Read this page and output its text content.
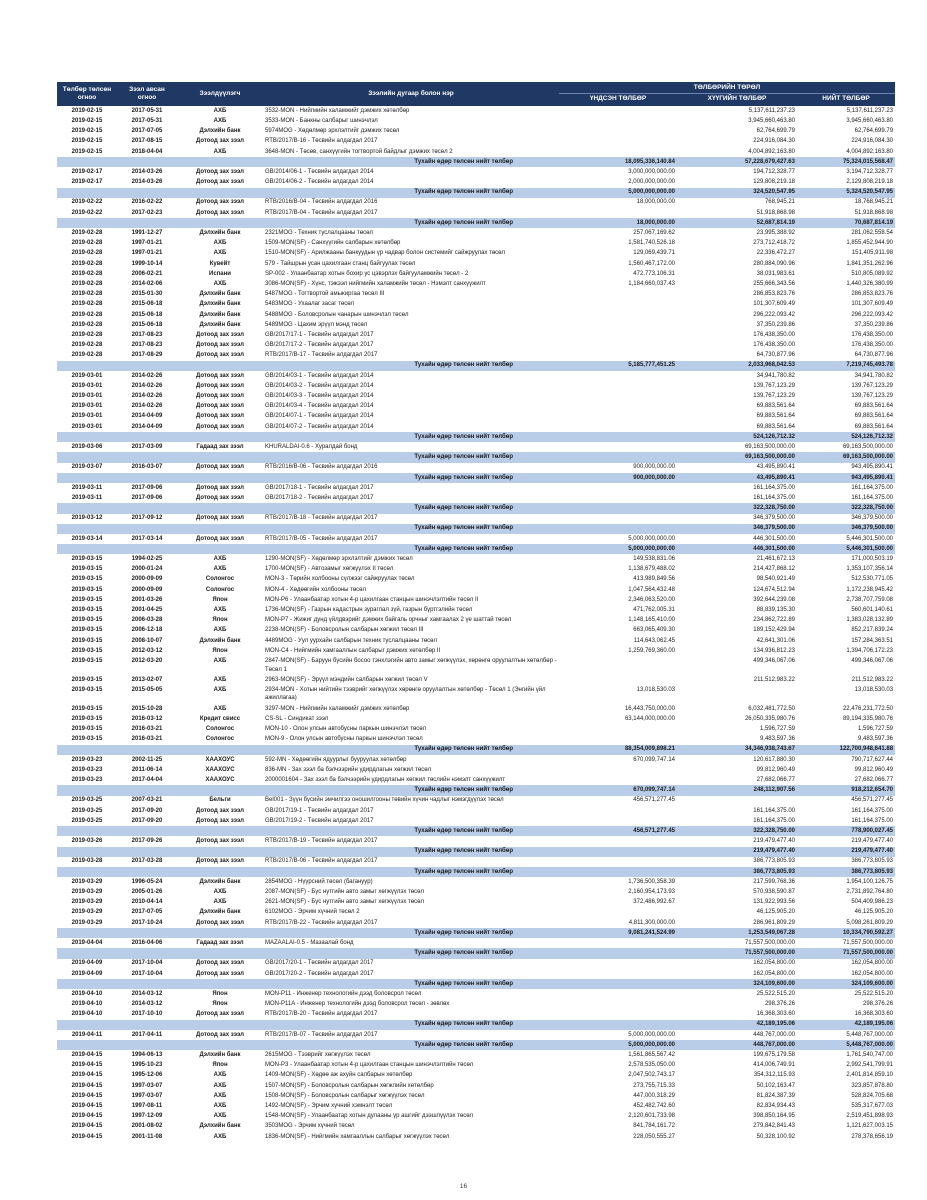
Төлбөр төлсөн огноо	Зээл авсан огноо	Зээлдүүлэгч	Зээлийн дугаар болон нэр	ТӨЛБӨРИЙН ТӨРӨЛ		
				ҮНДСЭН ТӨЛБӨР	ХҮҮГИЙН ТӨЛБӨР	НИЙТ ТӨЛБӨР
2019-02-15	2017-05-31	АХБ	3532-MON - Нийгмийн халамжийг дэмжих хөтөлбөр		5,137,611,237.23	5,137,611,237.23
2019-02-15	2017-05-31	АХБ	3533-MON - Банкны салбарыг шинэчлэл		3,945,660,463.80	3,945,660,463.80
2019-02-15	2017-07-05	Дэлхийн банк	5974MOG - Хөдөлмөр эрхлэлтийг дэмжих төсөл		62,764,699.79	62,764,699.79
2019-02-15	2017-08-15	Дотоод зах зээл	RTB/2017/B-16 - Төсвийн алдагдал 2017		224,916,084.30	224,916,084.30
2019-02-15	2018-04-04	АХБ	3648-MON - Төсөв, санхүүгийн тогтвортой байдлыг дэмжих төсөл 2		4,004,892,163.80	4,004,892,163.80
Тухайн өдөр төлсөн нийт төлбөр				18,095,336,140.84	57,228,679,427.63	75,324,015,568.47
2019-02-17	2014-03-26	Дотоод зах зээл	GB/2014/06-1 - Төсвийн алдагдал 2014	3,000,000,000.00	194,712,328.77	3,194,712,328.77
2019-02-17	2014-03-26	Дотоод зах зээл	GB/2014/06-2 - Төсвийн алдагдал 2014	2,000,000,000.00	129,808,219.18	2,129,808,219.18
Тухайн өдөр төлсөн нийт төлбөр				5,000,000,000.00	324,520,547.95	5,324,520,547.95
2019-02-22	2016-02-22	Дотоод зах зээл	RTB/2016/B-04 - Төсвийн алдагдал 2016	18,000,000.00	768,945.21	18,768,945.21
2019-02-22	2017-02-23	Дотоод зах зээл	RTB/2017/B-04 - Төсвийн алдагдал 2017		51,918,868.98	51,918,868.98
Тухайн өдөр төлсөн нийт төлбөр				18,000,000.00	52,687,814.19	70,687,814.19
2019-02-28	1991-12-27	Дэлхийн банк	2321MOG - Техник туслалцааны төсөл	257,067,169.62	23,995,388.92	281,062,558.54
2019-02-28	1997-01-21	АХБ	1509-MON(SF) - Санхүүгийн салбарын хөтөлбөр	1,581,740,526.18	273,712,418.72	1,855,452,944.90
2019-02-28	1997-01-21	АХБ	1510-MON(SF) - Арилжааны банкуудын үр чадвар болон системийг сайжруулах төсөл	129,069,439.71	22,336,472.27	151,405,911.98
2019-02-28	1999-10-14	Кувейт	579 - Тайшрын усан цахилгаан станц байгуулах төсөл	1,560,467,172.00	280,884,090.96	1,841,351,262.96
2019-02-28	2006-02-21	Испани	SP-002 - Улаанбаатар хотын бохир ус цэвэрлэх байгууламжийн төсөл - 2	472,773,106.31	38,031,983.61	510,805,089.92
2019-02-28	2014-02-06	АХБ	3086-MON(SF) - Хүнс, тэжээл нийгмийн халамжийн төсөл - Нэмэлт санхүүжилт	1,184,660,037.43	255,666,343.56	1,440,326,380.99
2019-02-28	2015-01-30	Дэлхийн банк	5487MOG - Тогтвортой амьжиргаа төсөл III		286,853,823.76	286,853,823.76
2019-02-28	2015-06-18	Дэлхийн банк	5483MOG - Ухаалаг засаг төсөл		101,307,609.49	101,307,609.49
2019-02-28	2015-06-18	Дэлхийн банк	5488MOG - Боловсролын чанарын шинэчлэл төсөл		296,222,093.42	296,222,093.42
2019-02-28	2015-06-18	Дэлхийн банк	5489MOG - Цахим эрүүл мэнд төсөл		37,350,239.86	37,350,239.86
2019-02-28	2017-08-23	Дотоод зах зээл	GB/2017/17-1 - Төсвийн алдагдал 2017		176,438,350.00	176,438,350.00
2019-02-28	2017-08-23	Дотоод зах зээл	GB/2017/17-2 - Төсвийн алдагдал 2017		176,438,350.00	176,438,350.00
2019-02-28	2017-08-29	Дотоод зах зээл	RTB/2017/B-17 - Төсвийн алдагдал 2017		64,730,877.96	64,730,877.96
Тухайн өдөр төлсөн нийт төлбөр				5,185,777,451.25	2,033,968,042.53	7,219,745,493.78
2019-03-01	2014-02-26	Дотоод зах зээл	GB/2014/03-1 - Төсвийн алдагдал 2014		34,941,780.82	34,941,780.82
2019-03-01	2014-02-26	Дотоод зах зээл	GB/2014/03-2 - Төсвийн алдагдал 2014		139,767,123.29	139,767,123.29
2019-03-01	2014-02-26	Дотоод зах зээл	GB/2014/03-3 - Төсвийн алдагдал 2014		139,767,123.29	139,767,123.29
2019-03-01	2014-02-26	Дотоод зах зээл	GB/2014/03-4 - Төсвийн алдагдал 2014		69,883,561.64	69,883,561.64
2019-03-01	2014-04-09	Дотоод зах зээл	GB/2014/07-1 - Төсвийн алдагдал 2014		69,883,561.64	69,883,561.64
2019-03-01	2014-04-09	Дотоод зах зээл	GB/2014/07-2 - Төсвийн алдагдал 2014		69,883,561.64	69,883,561.64
Тухайн өдөр төлсөн нийт төлбөр					524,126,712.32	524,126,712.32
2019-03-06	2017-03-09	Гадаад зах зээл	KHURALDAI-0.6 - Хуралдай бонд		69,163,500,000.00	69,163,500,000.00
Тухайн өдөр төлсөн нийт төлбөр					69,163,500,000.00	69,163,500,000.00
2019-03-07	2016-03-07	Дотоод зах зээл	RTB/2016/B-06 - Төсвийн алдагдал 2016	900,000,000.00	43,495,890.41	943,495,890.41
Тухайн өдөр төлсөн нийт төлбөр				900,000,000.00	43,495,890.41	943,495,890.41
2019-03-11	2017-09-06	Дотоод зах зээл	GB/2017/18-1 - Төсвийн алдагдал 2017		161,164,375.00	161,164,375.00
2019-03-11	2017-09-06	Дотоод зах зээл	GB/2017/18-2 - Төсвийн алдагдал 2017		161,164,375.00	161,164,375.00
Тухайн өдөр төлсөн нийт төлбөр					322,328,750.00	322,328,750.00
2019-03-12	2017-09-12	Дотоод зах зээл	RTB/2017/B-18 - Төсвийн алдагдал 2017		346,379,500.00	346,379,500.00
Тухайн өдөр төлсөн нийт төлбөр					346,379,500.00	346,379,500.00
2019-03-14	2017-03-14	Дотоод зах зээл	RTB/2017/B-05 - Төсвийн алдагдал 2017	5,000,000,000.00	446,301,500.00	5,446,301,500.00
Тухайн өдөр төлсөн нийт төлбөр				5,000,000,000.00	446,301,500.00	5,446,301,500.00
2019-03-15	1994-02-25	АХБ	1290-MON(SF) - Хөдөлмөр эрхлэлтийг дэмжих төсөл	149,538,831.06	21,461,672.13	171,000,503.19
2019-03-15	2000-01-24	АХБ	1700-MON(SF) - Автозамыг хөгжүүлэх II төсөл	1,138,679,488.02	214,427,868.12	1,353,107,356.14
2019-03-15	2000-09-09	Солонгос	MON-3 - Төрийн холбооны сүлжээг сайжруулах төсөл	413,989,849.56	98,540,921.49	512,530,771.05
2019-03-15	2000-09-09	Солонгос	MON-4 - Хөдөөгийн холбооны төсөл	1,047,564,432.48	124,674,512.94	1,172,238,945.42
2019-03-15	2001-03-26	Япон	MON-P6 - Улаанбаатар хотын 4-р цахилгаан станцын шинэчлэлтийн төсөл II	2,346,063,520.00	392,644,239.08	2,738,707,759.08
2019-03-15	2001-04-25	АХБ	1736-MON(SF) - Газрын кадастрын зураглал зүй, газрын бүртгэлийн төсөл	471,762,005.31	88,839,135.30	560,601,140.61
2019-03-15	2006-03-28	Япон	MON-P7 - Жижиг дунд үйлдвэрийг дэмжих байгаль орчныг хамгаалах 2 үе шаттай төсөл	1,148,165,410.00	234,862,722.89	1,383,028,132.89
2019-03-15	2006-12-18	АХБ	2238-MON(SF) - Боловсролын салбарын хөгжил төсөл III	663,065,409.30	189,152,429.94	852,217,839.24
2019-03-15	2008-10-07	Дэлхийн банк	4489MOG - Уул уурхайн салбарын техник туслалцааны төсөл	114,643,062.45	42,641,301.06	157,284,363.51
2019-03-15	2012-03-12	Япон	MON-C4 - Нийгмийн хамгааллын салбарыг дэмжих хөтөлбөр II	1,259,769,360.00	134,936,812.23	1,394,706,172.23
2019-03-15	2012-03-20	АХБ	2847-MON(SF) - Баруун бүсийн босоо тэнхлэгийн авто замыг хөгжүүлэх, хөрөнгө оруулалтын хөтөлбөр - Төсөл 1		499,346,067.06	499,346,067.06
2019-03-15	2013-02-07	АХБ	2963-MON(SF) - Эрүүл мэндийн салбарын хөгжил төсөл V		211,512,983.22	211,512,983.22
2019-03-15	2015-05-05	АХБ	2934-MON - Хотын нийтийн тээврийг хөгжүүлэх хөрөнгө оруулалтын хөтөлбөр - Төсөл 1 (Энгийн үйл ажиллагаа)	13,018,530.03		13,018,530.03
2019-03-15	2015-10-28	АХБ	3297-MON - Нийгмийн халамжийг дэмжих хөтөлбөр	16,443,750,000.00	6,032,481,772.50	22,476,231,772.50
2019-03-15	2016-03-12	Кредит свисс	CS-SL - Синдикат зээл	63,144,000,000.00	26,050,335,980.76	89,194,335,980.76
2019-03-15	2016-03-21	Солонгос	MON-10 - Олон улсын автобусны паркын шинэчлэл төсөл		1,596,727.59	1,596,727.59
2019-03-15	2016-03-21	Солонгос	MON-9 - Олон улсын автобусны паркын шинэчлэл төсөл		9,483,597.36	9,483,597.36
Тухайн өдөр төлсөн нийт төлбөр				88,354,009,898.21	34,346,938,743.67	122,700,948,641.88
2019-03-23	2002-11-25	ХААХОУС	592-MN - Хөдөөгийн ядуурлыг бууруулах хөтөлбөр	670,099,747.14	120,617,880.30	790,717,627.44
2019-03-23	2011-06-14	ХААХОУС	836-MN - Зах зээл ба бэлчээрийн удирдлагын хөгжил төсөл		99,812,960.49	99,812,960.49
2019-03-23	2017-04-04	ХААХОУС	2000001604 - Зах зээл ба бэлчээрийн удирдлагын хөгжил төслийн нэмэлт санхүүжилт		27,682,066.77	27,682,066.77
Тухайн өдөр төлсөн нийт төлбөр				670,099,747.14	248,112,907.56	918,212,654.70
2019-03-25	2007-03-21	Бельги	Bel001 - Зүүн бүсийн эмчилгээ оношилгооны төвийн хүчин чадлыг нэмэгдүүлэх төсөл	456,571,277.45		456,571,277.45
2019-03-25	2017-09-20	Дотоод зах зээл	GB/2017/19-1 - Төсвийн алдагдал 2017		161,164,375.00	161,164,375.00
2019-03-25	2017-09-20	Дотоод зах зээл	GB/2017/19-2 - Төсвийн алдагдал 2017		161,164,375.00	161,164,375.00
Тухайн өдөр төлсөн нийт төлбөр				456,571,277.45	322,328,750.00	778,900,027.45
2019-03-26	2017-09-26	Дотоод зах зээл	RTB/2017/B-19 - Төсвийн алдагдал 2017		219,479,477.40	219,479,477.40
Тухайн өдөр төлсөн нийт төлбөр					219,479,477.40	219,479,477.40
2019-03-28	2017-03-28	Дотоод зах зээл	RTB/2017/B-06 - Төсвийн алдагдал 2017		386,773,805.93	386,773,805.93
Тухайн өдөр төлсөн нийт төлбөр					386,773,805.93	386,773,805.93
2019-03-29	1996-05-24	Дэлхийн банк	2854MOG - Нүүрсний төсөл (багануур)	1,736,500,358.39	217,599,768.36	1,954,100,126.75
2019-03-29	2005-01-26	АХБ	2087-MON(SF) - Бүс нутгийн авто замыг хөгжүүлэх төсөл	2,160,954,173.93	570,938,590.87	2,731,892,764.80
2019-03-29	2010-04-14	АХБ	2621-MON(SF) - Бүс нутгийн авто замыг хөгжүүлэх төсөл	372,486,992.67	131,922,993.56	504,409,986.23
2019-03-29	2017-07-05	Дэлхийн банк	6102MOG - Эрчим хүчний төсөл 2		46,125,905.20	46,125,905.20
2019-03-29	2017-10-24	Дотоод зах зээл	RTB/2017/B-22 - Төсвийн алдагдал 2017	4,811,300,000.00	286,961,809.29	5,098,261,809.29
Тухайн өдөр төлсөн нийт төлбөр				9,081,241,524.99	1,253,549,067.28	10,334,790,592.27
2019-04-04	2016-04-06	Гадаад зах зээл	MAZAALAI-0.5 - Мазаалай бонд		71,557,500,000.00	71,557,500,000.00
Тухайн өдөр төлсөн нийт төлбөр					71,557,500,000.00	71,557,500,000.00
2019-04-09	2017-10-04	Дотоод зах зээл	GB/2017/20-1 - Төсвийн алдагдал 2017		162,054,800.00	162,054,800.00
2019-04-09	2017-10-04	Дотоод зах зээл	GB/2017/20-2 - Төсвийн алдагдал 2017		162,054,800.00	162,054,800.00
Тухайн өдөр төлсөн нийт төлбөр					324,109,600.00	324,109,600.00
2019-04-10	2014-03-12	Япон	MON-P11 - Инженер технологийн дээд боловсрол төсөл		25,522,515.20	25,522,515.20
2019-04-10	2014-03-12	Япон	MON-P11A - Инженер технологийн дээд боловсрол төсөл - зөвлөх		298,376.26	298,376.26
2019-04-10	2017-10-10	Дотоод зах зээл	RTB/2017/B-20 - Төсвийн алдагдал 2017		16,368,303.60	16,368,303.60
Тухайн өдөр төлсөн нийт төлбөр					42,189,195.06	42,189,195.06
2019-04-11	2017-04-11	Дотоод зах зээл	RTB/2017/B-07 - Төсвийн алдагдал 2017	5,000,000,000.00	448,767,000.00	5,448,767,000.00
Тухайн өдөр төлсөн нийт төлбөр				5,000,000,000.00	448,767,000.00	5,448,767,000.00
2019-04-15	1994-06-13	Дэлхийн банк	2615MOG - Тээврийг хөгжүүлэх төсөл	1,561,865,567.42	199,675,179.58	1,761,540,747.00
2019-04-15	1995-10-23	Япон	MON-P3 - Улаанбаатар хотын 4-р цахилгаан станцын шинэчлэлтийн төсөл	2,578,535,050.00	414,006,749.91	2,992,541,799.91
2019-04-15	1995-12-06	АХБ	1409-MON(SF) - Хөдөө аж ахуйн салбарын хөтөлбөр	2,047,502,743.17	354,312,115.93	2,401,814,859.10
2019-04-15	1997-03-07	АХБ	1507-MON(SF) - Боловсролын салбарын хөгжлийн хөтөлбөр	273,755,715.33	50,102,163.47	323,857,878.80
2019-04-15	1997-03-07	АХБ	1508-MON(SF) - Боловсролын салбарыг хөгжүүлэх төсөл	447,000,318.29	81,824,387.39	528,824,705.68
2019-04-15	1997-08-11	АХБ	1492-MON(SF) - Эрчим хүчний хэмнэлт төсөл	452,482,742.60	82,834,934.43	535,317,677.03
2019-04-15	1997-12-09	АХБ	1548-MON(SF) - Улаанбаатар хотын дулааны үр ашгийг дээшлүүлэх төсөл	2,120,601,733.98	398,850,164.95	2,519,451,898.93
2019-04-15	2001-08-02	Дэлхийн банк	3503MOG - Эрчим хүчний төсөл	841,784,161.72	279,842,841.43	1,121,627,003.15
2019-04-15	2001-11-08	АХБ	1836-MON(SF) - Нийгмийн хамгааллын салбарыг хөгжүүлэх төсөл	228,050,555.27	50,328,100.92	278,378,656.19
16
